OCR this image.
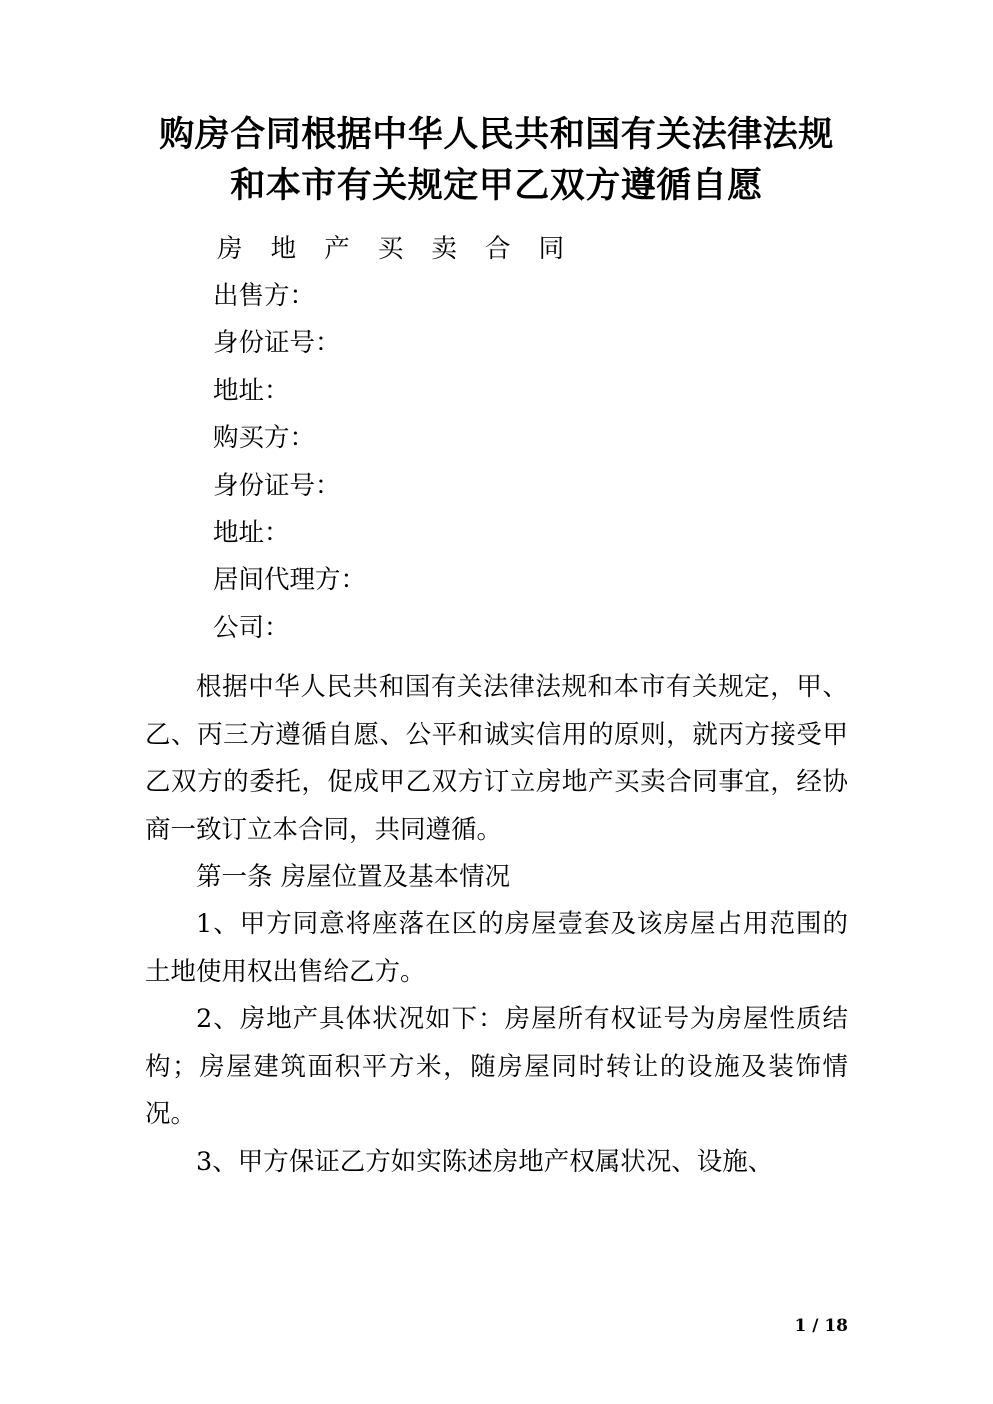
购房合同根据中华人民共和国有关法律法规和本市有关规定甲乙双方遵循自愿

房 地 产 买 卖 合 同

出售方：

身份证号：

地址：

购买方：

身份证号：

地址：

居间代理方：

公司：

根据中华人民共和国有关法律法规和本市有关规定，甲、乙、丙三方遵循自愿、公平和诚实信用的原则，就丙方接受甲乙双方的委托，促成甲乙双方订立房地产买卖合同事宜，经协商一致订立本合同，共同遵循。

第一条 房屋位置及基本情况

1、甲方同意将座落在区的房屋壹套及该房屋占用范围的土地使用权出售给乙方。

2、房地产具体状况如下：房屋所有权证号为房屋性质结构；房屋建筑面积平方米，随房屋同时转让的设施及装饰情况。

3、甲方保证乙方如实陈述房地产权属状况、设施、

1 / 18
